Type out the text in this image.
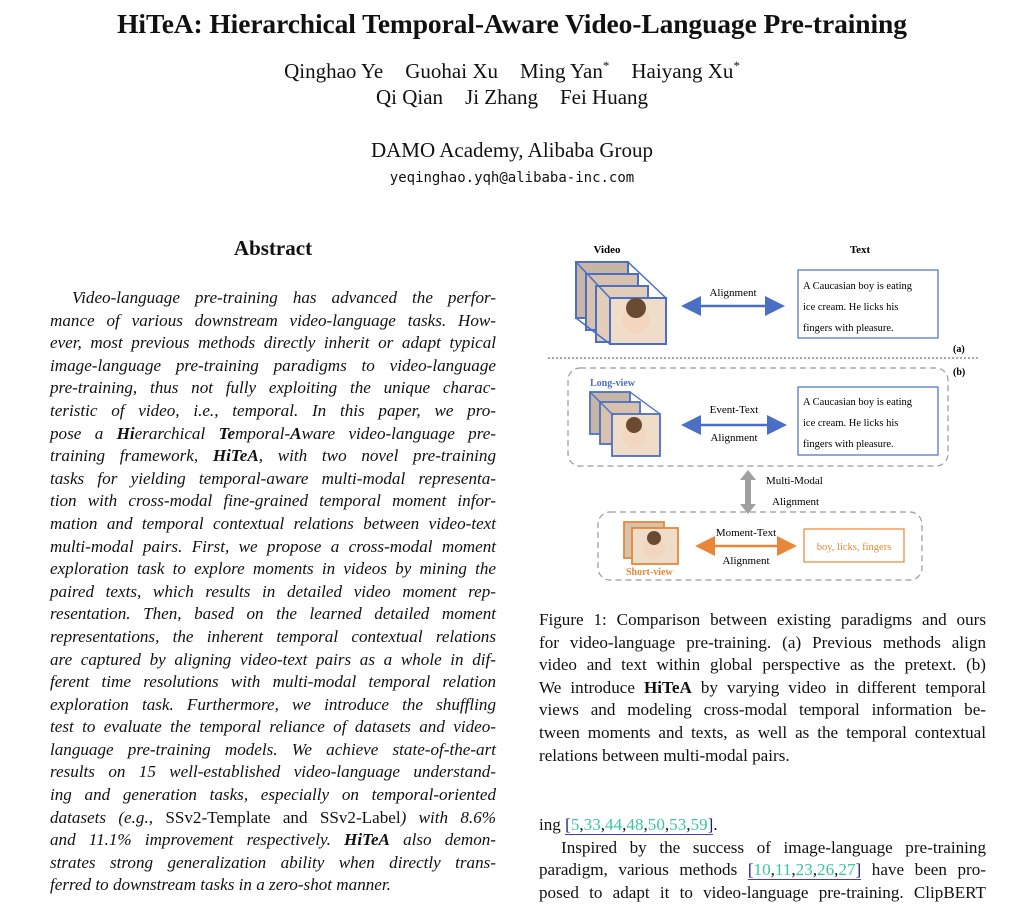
HiTeA: Hierarchical Temporal-Aware Video-Language Pre-training
Qinghao Ye Guohai Xu Ming Yan* Haiyang Xu*
Qi Qian Ji Zhang Fei Huang
DAMO Academy, Alibaba Group
yeqinghao.yqh@alibaba-inc.com
Abstract
Video-language pre-training has advanced the perfor-
mance of various downstream video-language tasks. How-
ever, most previous methods directly inherit or adapt typical
image-language pre-training paradigms to video-language
pre-training, thus not fully exploiting the unique charac-
teristic of video, i.e., temporal. In this paper, we pro-
pose a Hierarchical Temporal-Aware video-language pre-
training framework, HiTeA, with two novel pre-training
tasks for yielding temporal-aware multi-modal representa-
tion with cross-modal fine-grained temporal moment infor-
mation and temporal contextual relations between video-text
multi-modal pairs. First, we propose a cross-modal moment
exploration task to explore moments in videos by mining the
paired texts, which results in detailed video moment rep-
resentation. Then, based on the learned detailed moment
representations, the inherent temporal contextual relations
are captured by aligning video-text pairs as a whole in dif-
ferent time resolutions with multi-modal temporal relation
exploration task. Furthermore, we introduce the shuffling
test to evaluate the temporal reliance of datasets and video-
language pre-training models. We achieve state-of-the-art
results on 15 well-established video-language understand-
ing and generation tasks, especially on temporal-oriented
datasets (e.g., SSv2-Template and SSv2-Label) with 8.6%
and 11.1% improvement respectively. HiTeA also demon-
strates strong generalization ability when directly trans-
ferred to downstream tasks in a zero-shot manner.
Video	Text
Alignment
A Caucasian boy is eating
ice cream. He licks his
fingers with pleasure.
(a)
(b)
Long-view
Event-Text
Alignment
A Caucasian boy is eating
ice cream. He licks his
fingers with pleasure.
Multi-Modal
Alignment
Short-view
Moment-Text
Alignment
boy, licks, fingers
Figure 1: Comparison between existing paradigms and ours
for video-language pre-training. (a) Previous methods align
video and text within global perspective as the pretext. (b)
We introduce HiTeA by varying video in different temporal
views and modeling cross-modal temporal information be-
tween moments and texts, as well as the temporal contextual
relations between multi-modal pairs.
ing [5,33,44,48,50,53,59].
Inspired by the success of image-language pre-training
paradigm, various methods [10,11,23,26,27] have been pro-
posed to adapt it to video-language pre-training. ClipBERT
